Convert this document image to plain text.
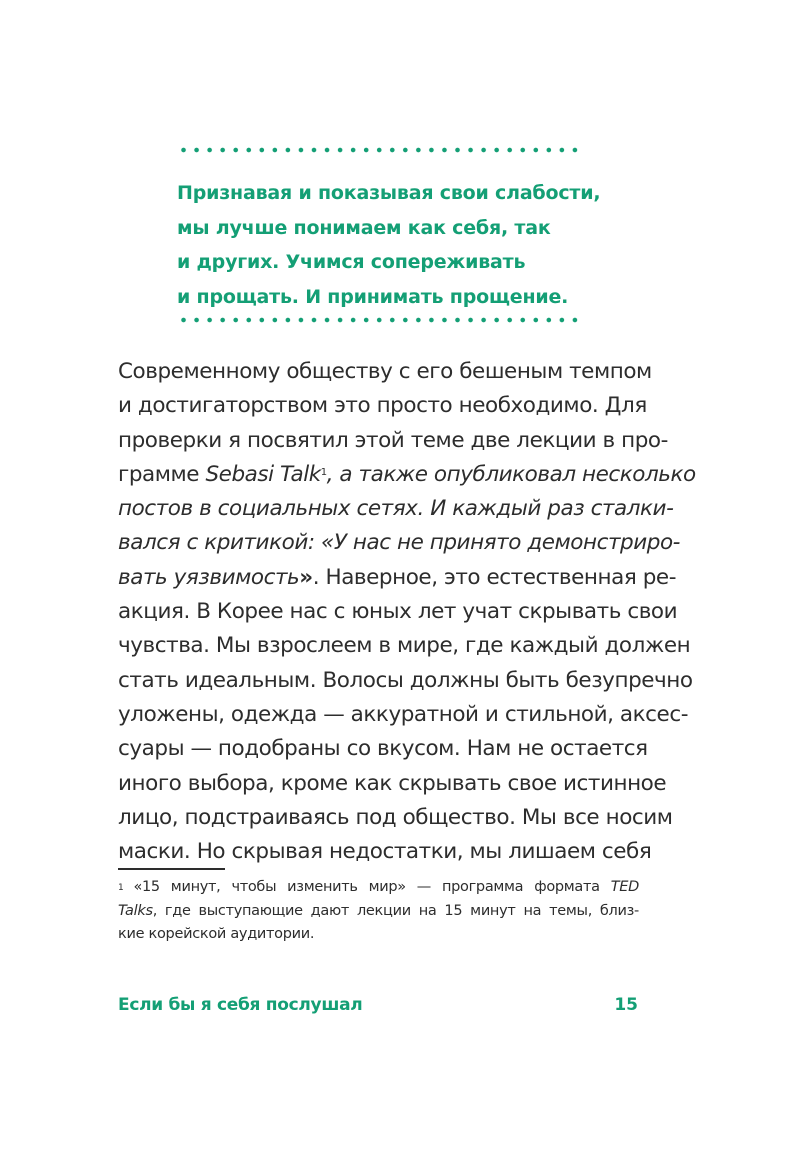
Признавая и показывая свои слабости,
мы лучше понимаем как себя, так
и других. Учимся сопереживать
и прощать. И принимать прощение.
Современному обществу с его бешеным темпом
и достигаторством это просто необходимо. Для
проверки я посвятил этой теме две лекции в про-
грамме Sebasi Talk$^1$, а также опубликовал несколько
постов в социальных сетях. И каждый раз сталки-
вался с критикой: «У нас не принято демонстриро-
вать уязвимость». Наверное, это естественная ре-
акция. В Корее нас с юных лет учат скрывать свои
чувства. Мы взрослеем в мире, где каждый должен
стать идеальным. Волосы должны быть безупречно
уложены, одежда — аккуратной и стильной, аксес-
суары — подобраны со вкусом. Нам не остается
иного выбора, кроме как скрывать свое истинное
лицо, подстраиваясь под общество. Мы все носим
маски. Но скрывая недостатки, мы лишаем себя
$^1$ «15 минут, чтобы изменить мир» — программа формата TED
Talks, где выступающие дают лекции на 15 минут на темы, близ-
кие корейской аудитории.
Если бы я себя послушал	15
